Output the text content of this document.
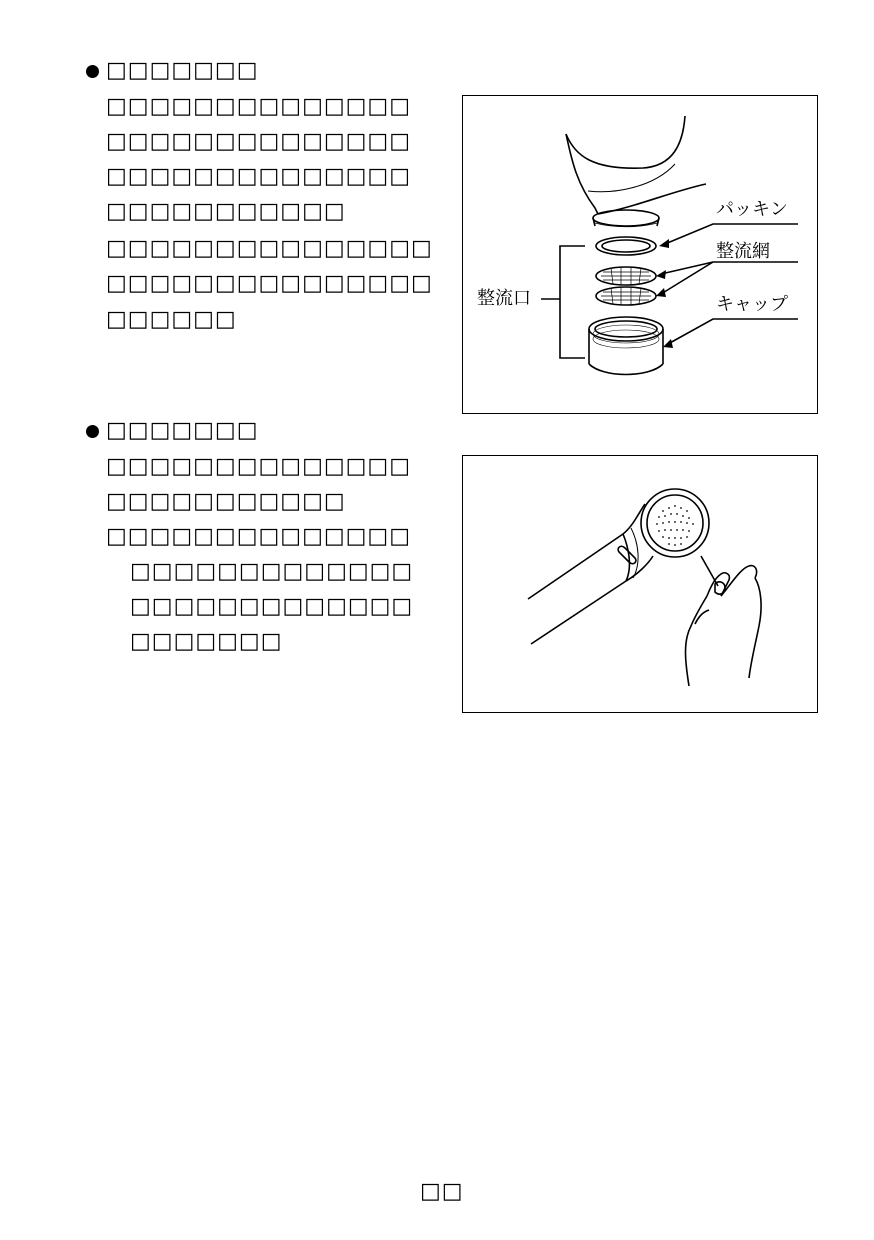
□□□□□□□
□□□□□□□□□□□□□□
□□□□□□□□□□□□□□
□□□□□□□□□□□□□□
□□□□□□□□□□□
□□□□□□□□□□□□□□□
□□□□□□□□□□□□□□□
□□□□□□
パッキン
整流網
キャップ
整流口
□□□□□□□
□□□□□□□□□□□□□□
□□□□□□□□□□□
□□□□□□□□□□□□□□
□□□□□□□□□□□□□
□□□□□□□□□□□□□
□□□□□□□
□□
